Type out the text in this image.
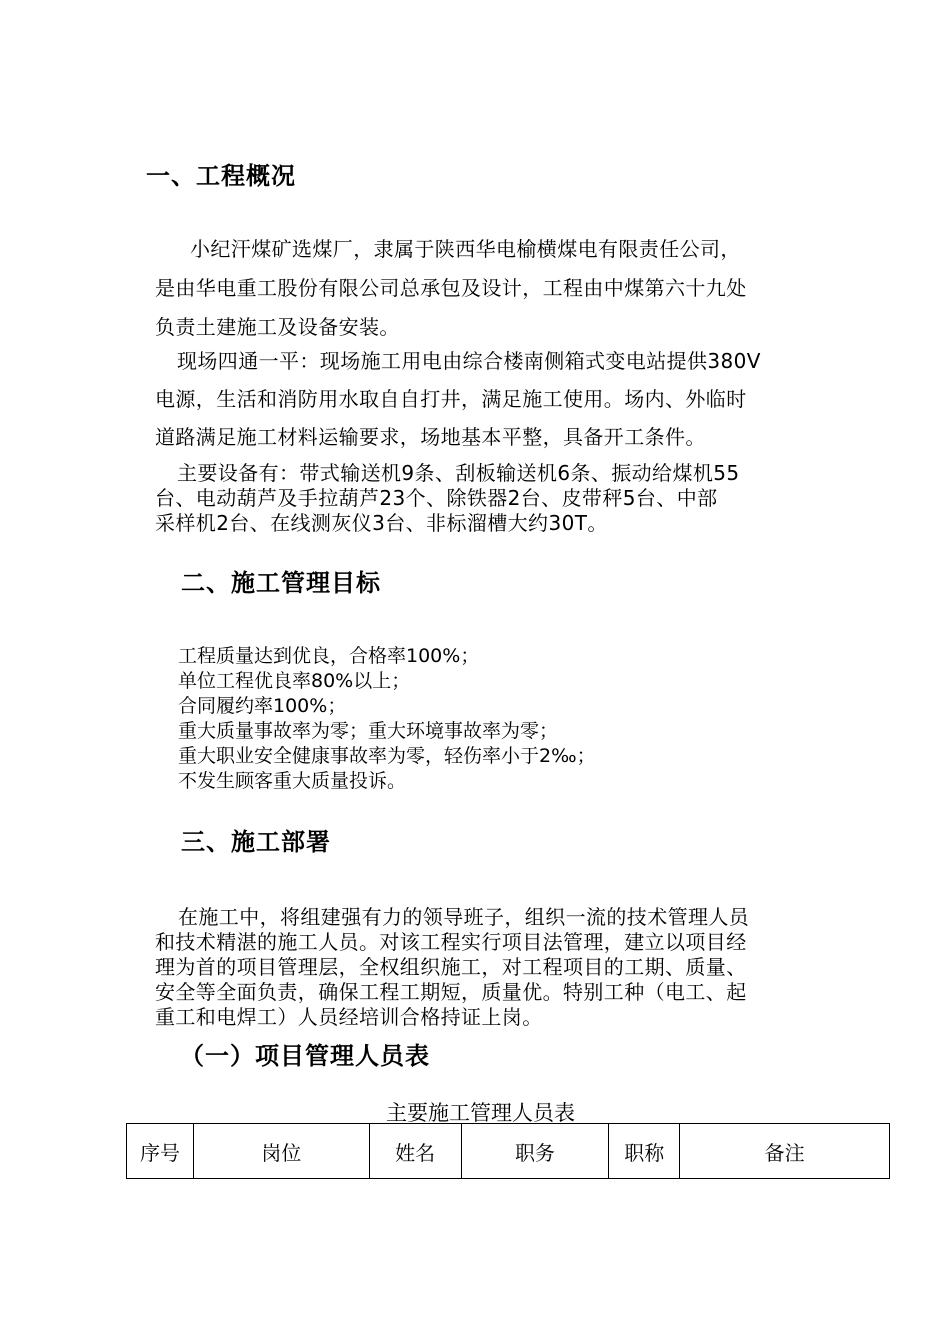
一、工程概况
小纪汗煤矿选煤厂，隶属于陕西华电榆横煤电有限责任公司，
是由华电重工股份有限公司总承包及设计，工程由中煤第六十九处
负责土建施工及设备安装。
现场四通一平：现场施工用电由综合楼南侧箱式变电站提供380V
电源，生活和消防用水取自自打井，满足施工使用。场内、外临时
道路满足施工材料运输要求，场地基本平整，具备开工条件。
主要设备有：带式输送机9条、刮板输送机6条、振动给煤机55
台、电动葫芦及手拉葫芦23个、除铁器2台、皮带秤5台、中部
采样机2台、在线测灰仪3台、非标溜槽大约30T。
二、施工管理目标
工程质量达到优良，合格率100%；
单位工程优良率80%以上；
合同履约率100%；
重大质量事故率为零；重大环境事故率为零；
重大职业安全健康事故率为零，轻伤率小于2‰；
不发生顾客重大质量投诉。
三、施工部署
在施工中，将组建强有力的领导班子，组织一流的技术管理人员
和技术精湛的施工人员。对该工程实行项目法管理，建立以项目经
理为首的项目管理层，全权组织施工，对工程项目的工期、质量、
安全等全面负责，确保工程工期短，质量优。特别工种（电工、起
重工和电焊工）人员经培训合格持证上岗。
（一）项目管理人员表
主要施工管理人员表
序号	岗位	姓名	职务	职称	备注
